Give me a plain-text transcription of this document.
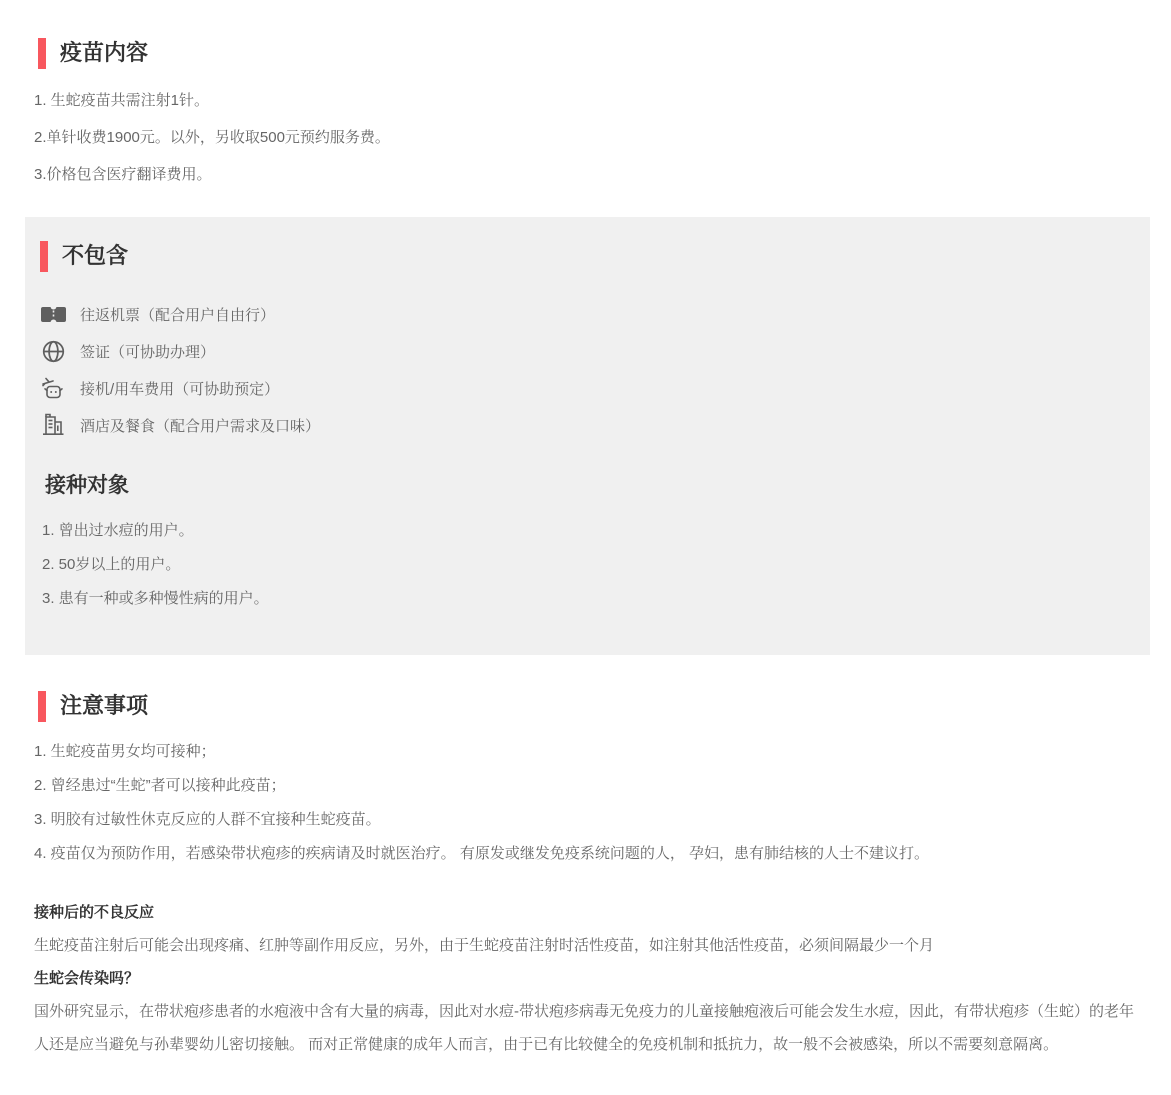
疫苗内容
1. 生蛇疫苗共需注射1针。
2.单针收费1900元。以外，另收取500元预约服务费。
3.价格包含医疗翻译费用。
不包含
往返机票（配合用户自由行）
签证（可协助办理）
接机/用车费用（可协助预定）
酒店及餐食（配合用户需求及口味）
接种对象
1. 曾出过水痘的用户。
2. 50岁以上的用户。
3. 患有一种或多种慢性病的用户。
注意事项
1. 生蛇疫苗男女均可接种；
2. 曾经患过“生蛇”者可以接种此疫苗；
3. 明胶有过敏性休克反应的人群不宜接种生蛇疫苗。
4. 疫苗仅为预防作用，若感染带状疱疹的疾病请及时就医治疗。 有原发或继发免疫系统问题的人， 孕妇，患有肺结核的人士不建议打。

接种后的不良反应

生蛇疫苗注射后可能会出现疼痛、红肿等副作用反应，另外，由于生蛇疫苗注射时活性疫苗，如注射其他活性疫苗，必须间隔最少一个月

生蛇会传染吗？

国外研究显示，在带状疱疹患者的水疱液中含有大量的病毒，因此对水痘-带状疱疹病毒无免疫力的儿童接触疱液后可能会发生水痘，因此，有带状疱疹（生蛇）的老年人还是应当避免与孙辈婴幼儿密切接触。 而对正常健康的成年人而言，由于已有比较健全的免疫机制和抵抗力，故一般不会被感染，所以不需要刻意隔离。
